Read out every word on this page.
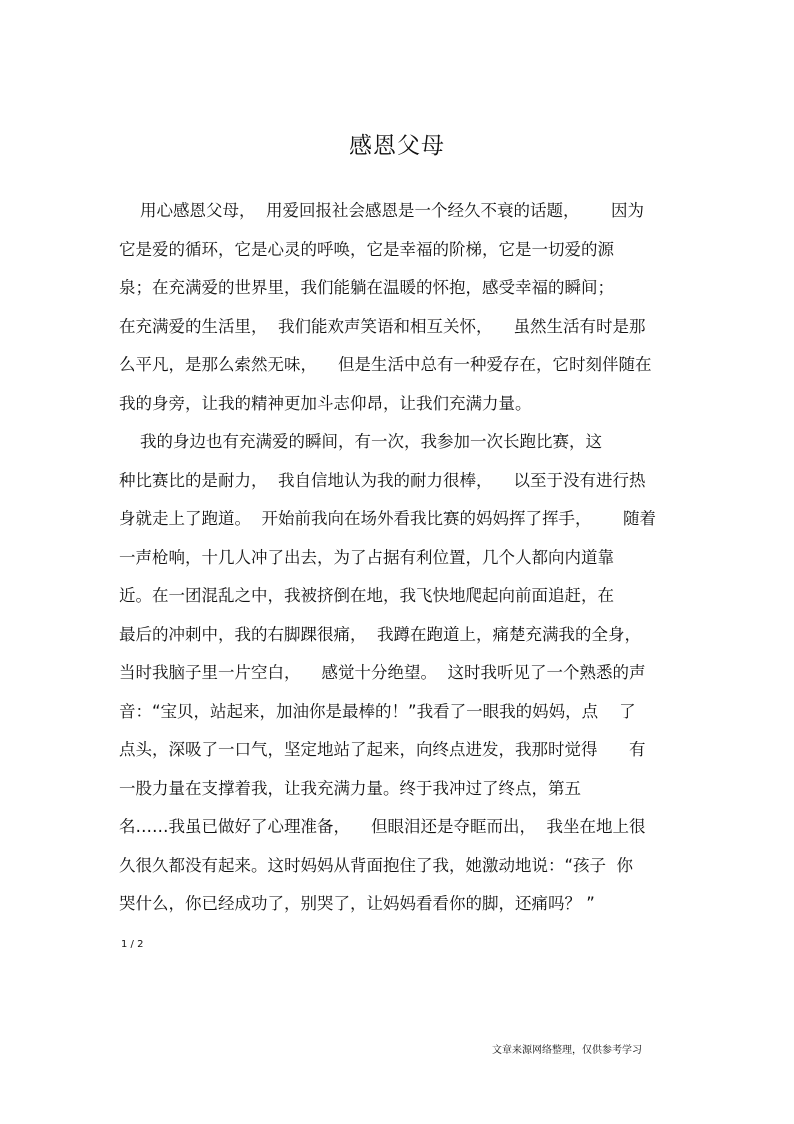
感恩父母
用心感恩父母，  用爱回报社会感恩是一个经久不衰的话题，      因为
它是爱的循环，它是心灵的呼唤，它是幸福的阶梯，它是一切爱的源
泉；在充满爱的世界里，我们能躺在温暖的怀抱，感受幸福的瞬间；
在充满爱的生活里，  我们能欢声笑语和相互关怀，    虽然生活有时是那
么平凡，是那么索然无味，    但是生活中总有一种爱存在，它时刻伴随在
我的身旁，让我的精神更加斗志仰昂，让我们充满力量。
我的身边也有充满爱的瞬间，有一次，我参加一次长跑比赛，这
种比赛比的是耐力，  我自信地认为我的耐力很棒，    以至于没有进行热
身就走上了跑道。  开始前我向在场外看我比赛的妈妈挥了挥手，      随着
一声枪响，十几人冲了出去，为了占据有利位置，几个人都向内道靠
近。在一团混乱之中，我被挤倒在地，我飞快地爬起向前面追赶，在
最后的冲刺中，我的右脚踝很痛，  我蹲在跑道上，痛楚充满我的全身，
当时我脑子里一片空白，    感觉十分绝望。  这时我听见了一个熟悉的声
音：“宝贝，站起来，加油你是最棒的！”我看了一眼我的妈妈，点    了
点头，深吸了一口气，坚定地站了起来，向终点进发，我那时觉得      有
一股力量在支撑着我，让我充满力量。终于我冲过了终点，第五
名……我虽已做好了心理准备，    但眼泪还是夺眶而出，  我坐在地上很
久很久都没有起来。这时妈妈从背面抱住了我，她激动地说：“孩子  你
哭什么，你已经成功了，别哭了，让妈妈看看你的脚，还痛吗？ ”
1 / 2
文章来源网络整理，仅供参考学习
